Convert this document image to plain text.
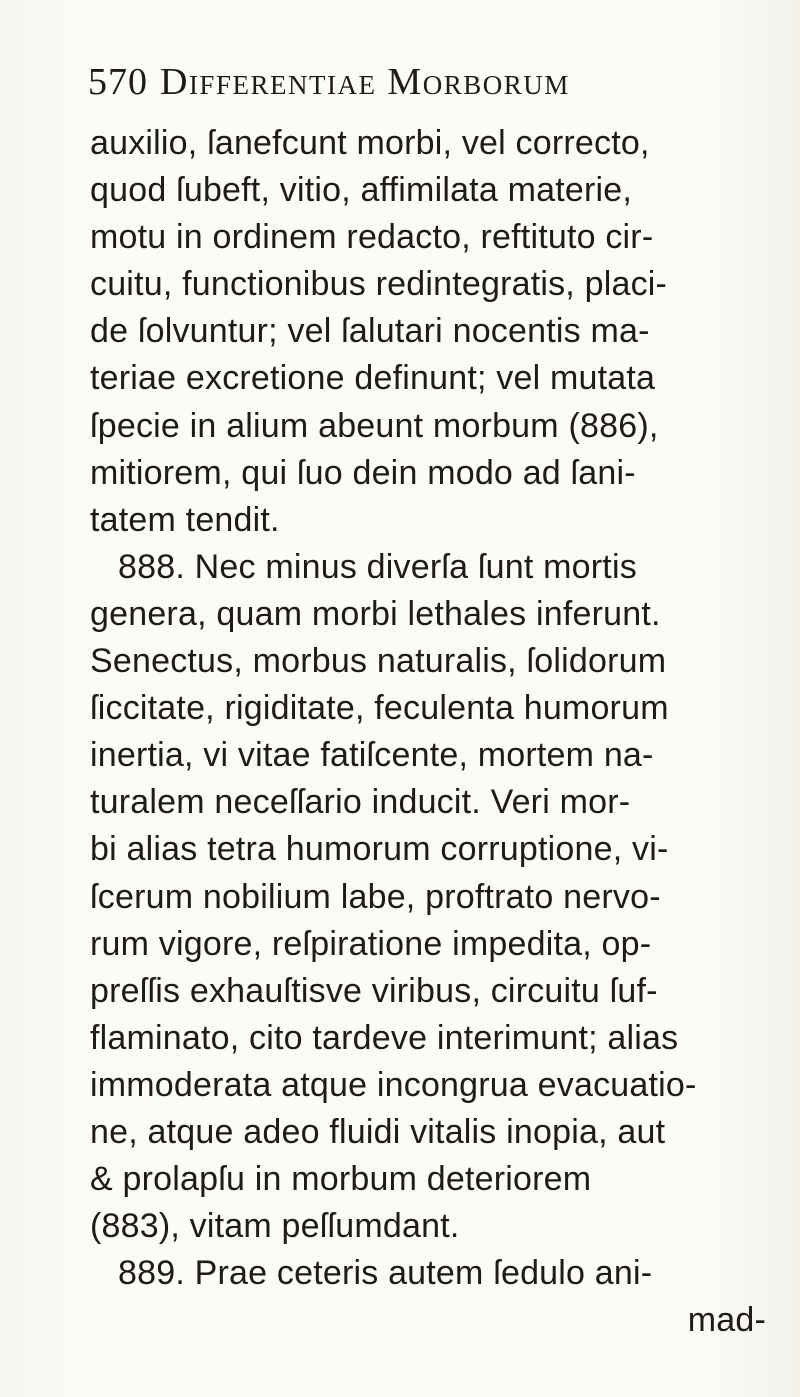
570 Differentiae Morborum
auxilio, ſanefcunt morbi, vel correcto,
quod ſubeft, vitio, affimilata materie,
motu in ordinem redacto, reftituto cir-
cuitu, functionibus redintegratis, placi-
de ſolvuntur; vel ſalutari nocentis ma-
teriae excretione definunt; vel mutata
ſpecie in alium abeunt morbum (886),
mitiorem, qui ſuo dein modo ad ſani-
tatem tendit.
888. Nec minus diverſa ſunt mortis
genera, quam morbi lethales inferunt.
Senectus, morbus naturalis, ſolidorum
ſiccitate, rigiditate, feculenta humorum
inertia, vi vitae fatiſcente, mortem na-
turalem neceſſario inducit. Veri mor-
bi alias tetra humorum corruptione, vi-
ſcerum nobilium labe, proftrato nervo-
rum vigore, reſpiratione impedita, op-
preſſis exhauſtisve viribus, circuitu ſuf-
flaminato, cito tardeve interimunt; alias
immoderata atque incongrua evacuatio-
ne, atque adeo fluidi vitalis inopia, aut
& prolapſu in morbum deteriorem
(883), vitam peſſumdant.
889. Prae ceteris autem ſedulo ani-
mad-
